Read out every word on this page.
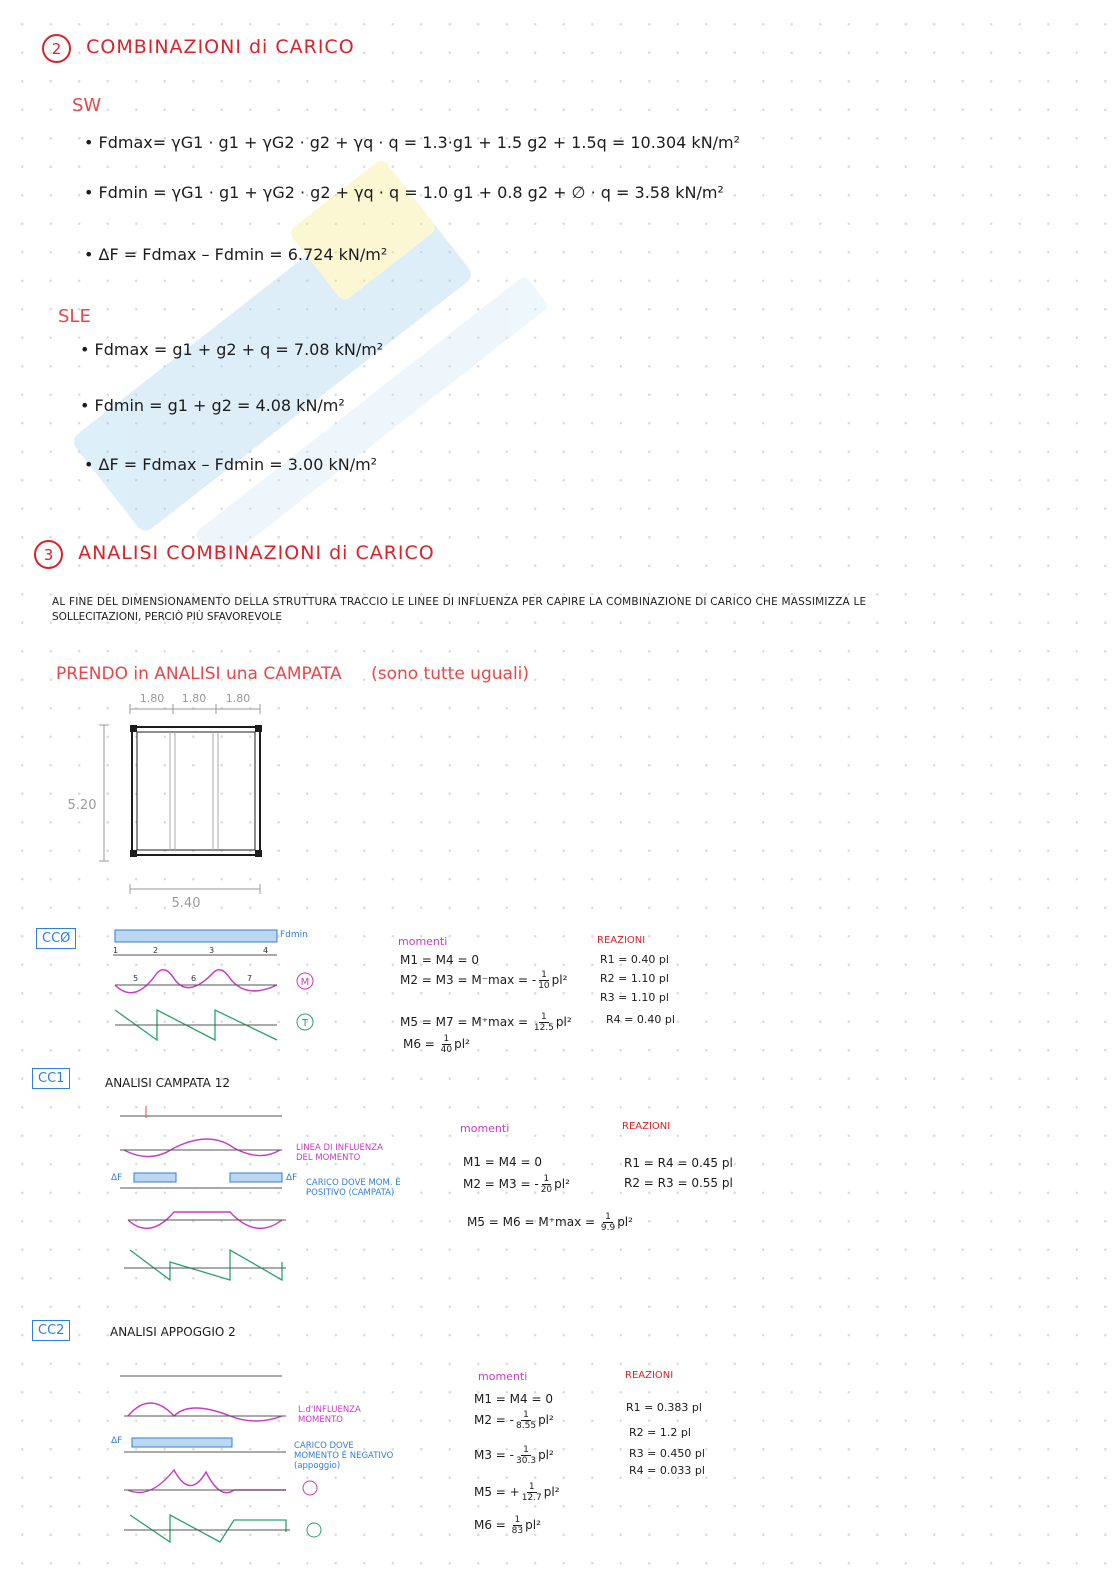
2 COMBINAZIONI di CARICO
SW
• Fdmax= γG1 · g1 + γG2 · g2 + γq · q = 1.3·g1 + 1.5 g2 + 1.5q = 10.304 kN/m²
• Fdmin = γG1 · g1 + γG2 · g2 + γq · q = 1.0 g1 + 0.8 g2 + ∅ · q = 3.58 kN/m²
• ΔF = Fdmax – Fdmin = 6.724 kN/m²
SLE
• Fdmax = g1 + g2 + q = 7.08 kN/m²
• Fdmin = g1 + g2 = 4.08 kN/m²
• ΔF = Fdmax – Fdmin = 3.00 kN/m²
3 ANALISI COMBINAZIONI di CARICO
AL FINE DEL DIMENSIONAMENTO DELLA STRUTTURA TRACCIO LE LINEE DI INFLUENZA PER CAPIRE LA COMBINAZIONE DI CARICO CHE MASSIMIZZA LE
SOLLECITAZIONI, PERCIÒ PIÙ SFAVOREVOLE
PRENDO in ANALISI una CAMPATA (sono tutte uguali)
1.80 1.80 1.80
5.20
5.40
CCØ
1	2	3	4
5	6	7	M
T
Fdmin	momenti
M1 = M4 = 0
M2 = M3 = M⁻max = - $\frac{1}{10} pl^2$
$M5 = M7 = M^+\max = \frac{1}{12.5} pl^2$
$M6 = \frac{1}{40} pl^2$
REAZIONI
R1 = 0.40 pl
R2 = 1.10 pl
R3 = 1.10 pl
R4 = 0.40 pl
CC1	ANALISI CAMPATA 12
ΔF	ΔF
LINEA DI INFLUENZA DEL MOMENTO
CARICO DOVE MOM. È POSITIVO (CAMPATA)
momenti
M1 = M4 = 0
M2 = M3 = - $\frac{1}{20} pl^2$
$M5 = M6 = M^+\max = \frac{1}{9.9} pl^2$
REAZIONI
R1 = R4 = 0.45 pl
R2 = R3 = 0.55 pl
CC2	ANALISI APPOGGIO 2
ΔF
L.d'INFLUENZA MOMENTO
CARICO DOVE MOMENTO È NEGATIVO (appoggio)
momenti
M1 = M4 = 0
M2 = - $\frac{1}{8.55} pl^2$
M3 = - $\frac{1}{30.3} pl^2$
M5 = + $\frac{1}{12.7} pl^2$
$M6 = \frac{1}{83} pl^2$
REAZIONI
R1 = 0.383 pl
R2 = 1.2 pl
R3 = 0.450 pl
R4 = 0.033 pl
